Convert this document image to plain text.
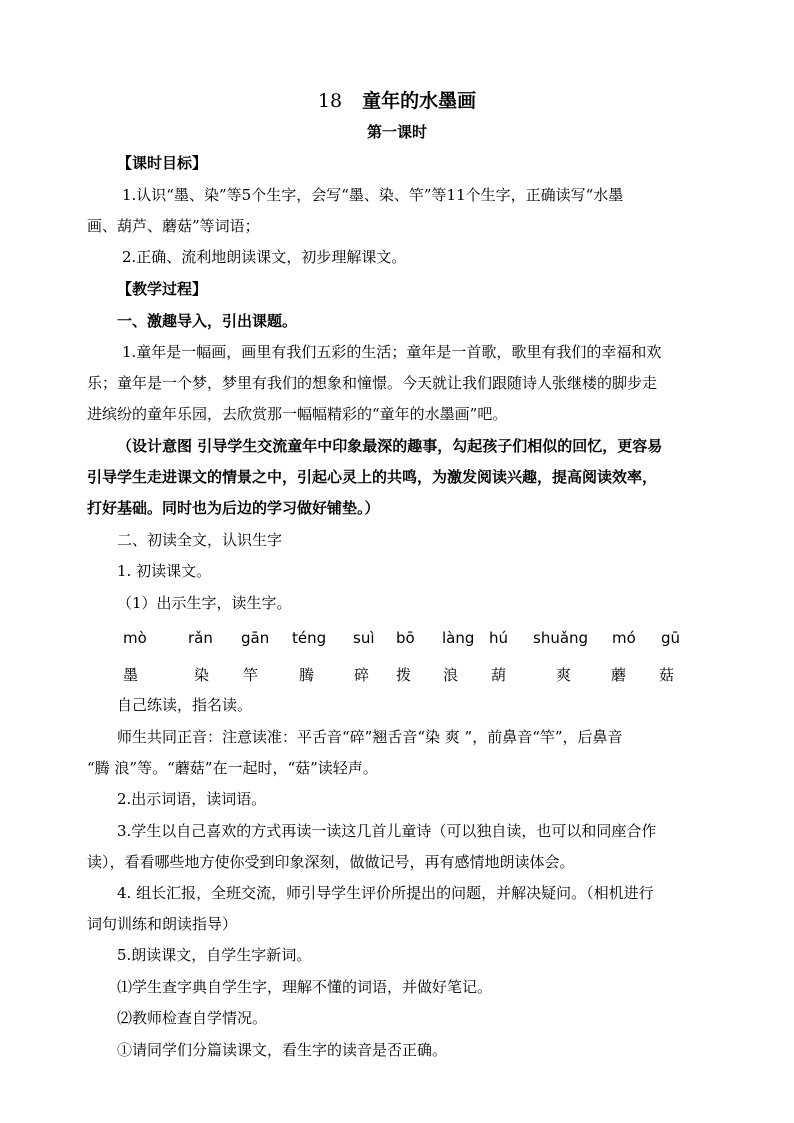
18 童年的水墨画
第一课时
【课时目标】
1.认识“墨、染”等5个生字，会写“墨、染、竿”等11个生字，正确读写“水墨
画、葫芦、蘑菇”等词语；
2.正确、流利地朗读课文，初步理解课文。
【教学过程】
一、激趣导入，引出课题。
1.童年是一幅画，画里有我们五彩的生活；童年是一首歌，歌里有我们的幸福和欢
乐；童年是一个梦，梦里有我们的想象和憧憬。今天就让我们跟随诗人张继楼的脚步走
进缤纷的童年乐园，去欣赏那一幅幅精彩的“童年的水墨画”吧。
（设计意图 引导学生交流童年中印象最深的趣事，勾起孩子们相似的回忆，更容易
引导学生走进课文的情景之中，引起心灵上的共鸣，为激发阅读兴趣，提高阅读效率，
打好基础。同时也为后边的学习做好铺垫。）
二、初读全文，认识生字
1. 初读课文。
（1）出示生字，读生字。
mò	rǎn gān téng suì bō làng hú shuǎng mó gū
墨	染 竿	腾	碎 拨 浪 葫	爽	蘑 菇
自己练读，指名读。
师生共同正音：注意读准：平舌音“碎”翘舌音“染 爽 ”，前鼻音“竿”，后鼻音
“腾 浪”等。“蘑菇”在一起时，“菇”读轻声。
2.出示词语，读词语。
3.学生以自己喜欢的方式再读一读这几首儿童诗（可以独自读，也可以和同座合作
读），看看哪些地方使你受到印象深刻，做做记号，再有感情地朗读体会。
4. 组长汇报，全班交流，师引导学生评价所提出的问题，并解决疑问。（相机进行
词句训练和朗读指导）
5.朗读课文，自学生字新词。
⑴学生查字典自学生字，理解不懂的词语，并做好笔记。
⑵教师检查自学情况。
①请同学们分篇读课文，看生字的读音是否正确。
